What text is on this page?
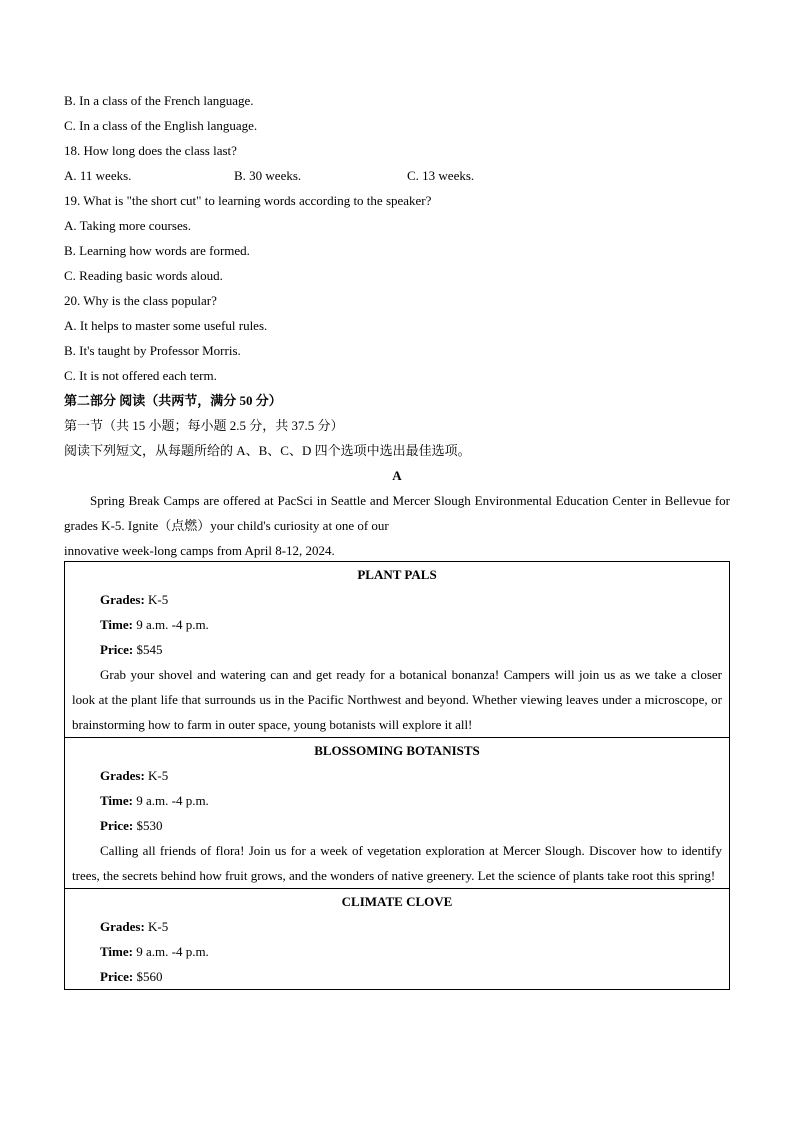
B. In a class of the French language.
C. In a class of the English language.
18. How long does the class last?
A. 11 weeks.	B. 30 weeks.	C. 13 weeks.
19. What is "the short cut" to learning words according to the speaker?
A. Taking more courses.
B. Learning how words are formed.
C. Reading basic words aloud.
20. Why is the class popular?
A. It helps to master some useful rules.
B. It's taught by Professor Morris.
C. It is not offered each term.
第二部分 阅读（共两节，满分 50 分）
第一节（共 15 小题；每小题 2.5 分，共 37.5 分）
阅读下列短文，从每题所给的 A、B、C、D 四个选项中选出最佳选项。
A
Spring Break Camps are offered at PacSci in Seattle and Mercer Slough Environmental Education Center in Bellevue for grades K-5. Ignite（点燃）your child's curiosity at one of our
innovative week-long camps from April 8-12, 2024.
PLANT PALS
Grades: K-5
Time: 9 a.m. -4 p.m.
Price: $545
Grab your shovel and watering can and get ready for a botanical bonanza! Campers will join us as we take a closer look at the plant life that surrounds us in the Pacific Northwest and beyond. Whether viewing leaves under a microscope, or brainstorming how to farm in outer space, young botanists will explore it all!

BLOSSOMING BOTANISTS
Grades: K-5
Time: 9 a.m. -4 p.m.
Price: $530
Calling all friends of flora! Join us for a week of vegetation exploration at Mercer Slough. Discover how to identify trees, the secrets behind how fruit grows, and the wonders of native greenery. Let the science of plants take root this spring!

CLIMATE CLOVE
Grades: K-5
Time: 9 a.m. -4 p.m.
Price: $560
